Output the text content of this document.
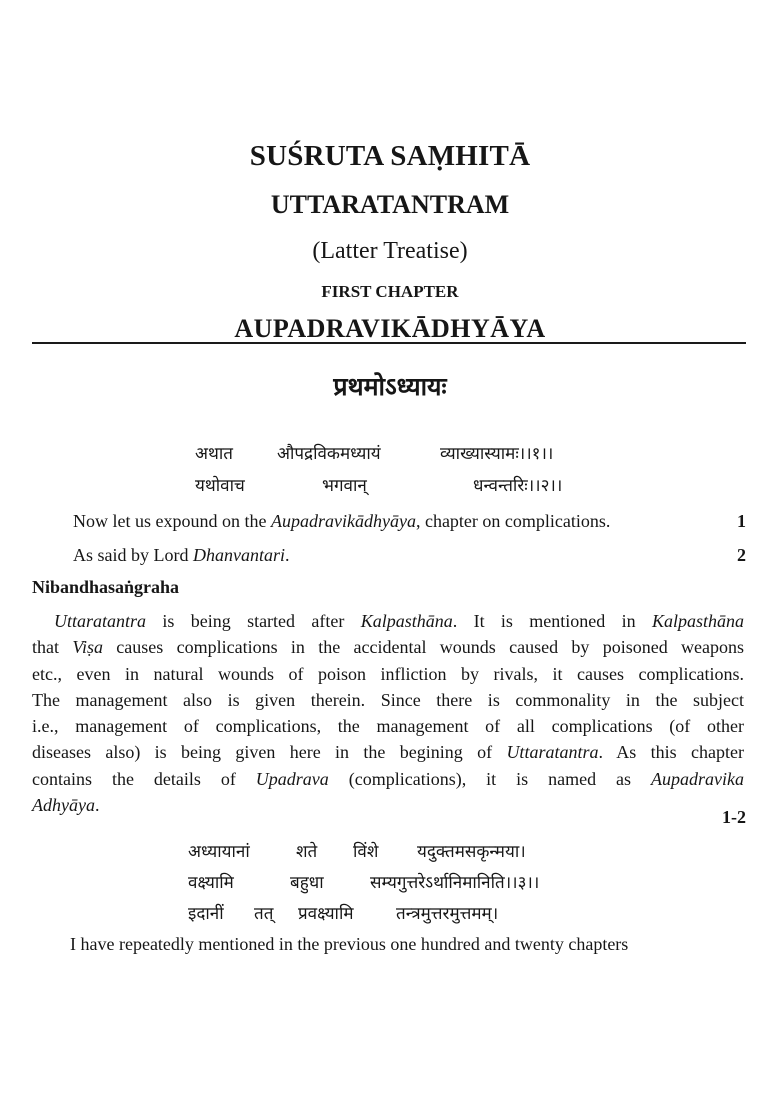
SUŚRUTA SAṂHITĀ
UTTARATANTRAM
(Latter Treatise)
FIRST CHAPTER
AUPADRAVIKĀDHYĀYA
प्रथमोऽध्यायः
अथात	औपद्रविकमध्यायं	व्याख्यास्यामः।।१।।
यथोवाच	भगवान्	धन्वन्तरिः।।२।।
Now let us expound on the Aupadravikādhyāya, chapter on complications.	1
As said by Lord Dhanvantari.	2
Nibandhasaṅgraha
Uttaratantra is being started after Kalpasthāna. It is mentioned in Kalpasthāna
that Viṣa causes complications in the accidental wounds caused by poisoned weapons
etc., even in natural wounds of poison infliction by rivals, it causes complications.
The management also is given therein. Since there is commonality in the subject
i.e., management of complications, the management of all complications (of other
diseases also) is being given here in the begining of Uttaratantra. As this chapter
contains the details of Upadrava (complications), it is named as Aupadravika
Adhyāya.
1-2
अध्यायानां	शते विंशे यदुक्तमसकृन्मया।
वक्ष्यामि	बहुधा	सम्यगुत्तरेऽर्थानिमानिति।।३।।
इदानीं तत् प्रवक्ष्यामि तन्त्रमुत्तरमुत्तमम्।
I have repeatedly mentioned in the previous one hundred and twenty chapters
